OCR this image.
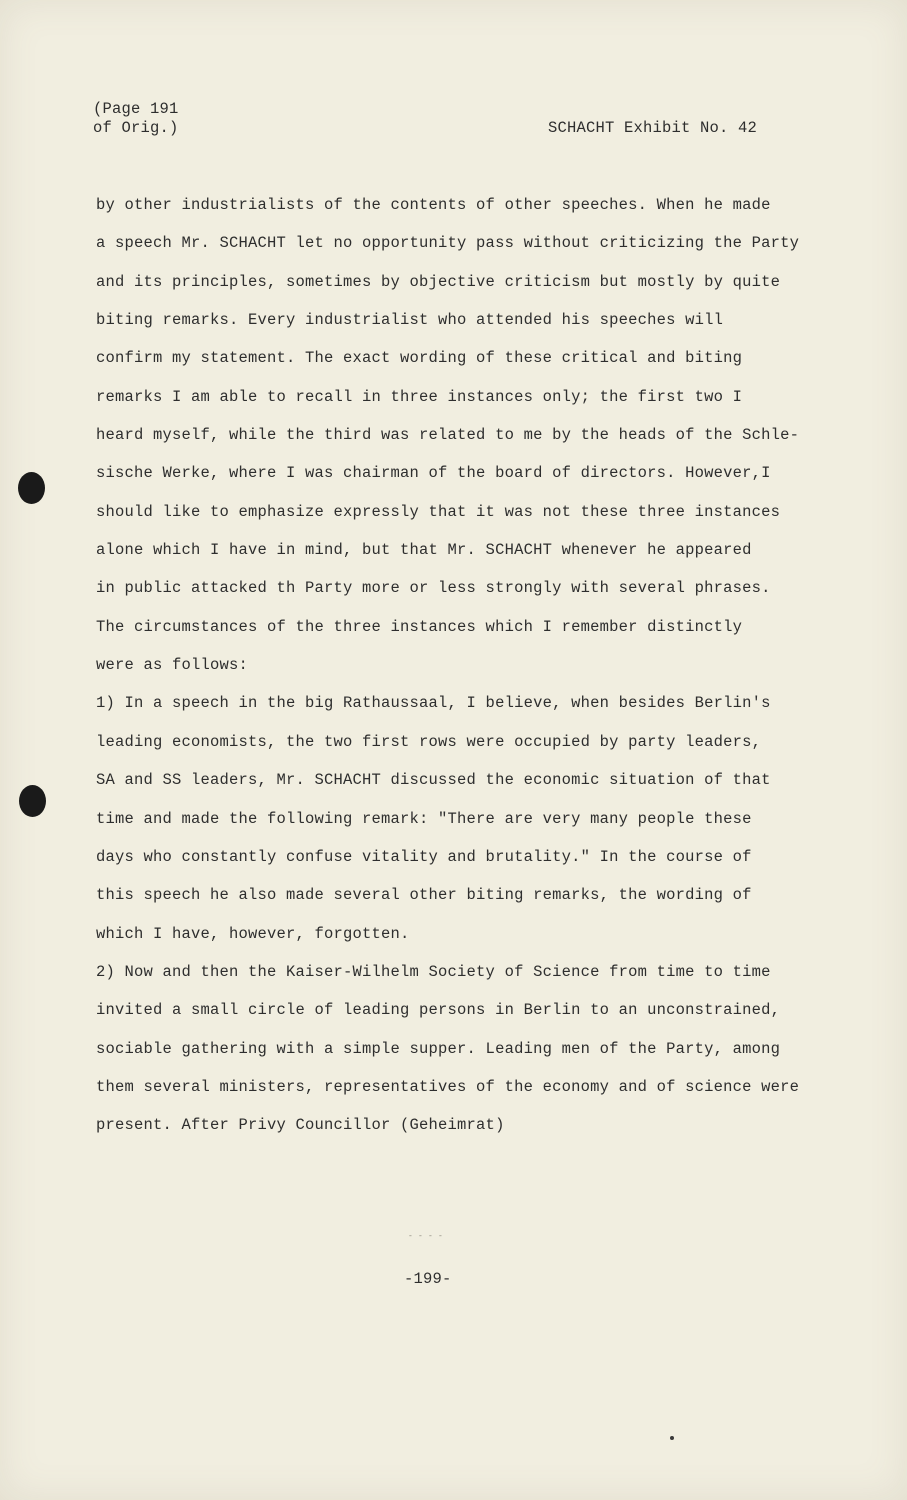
(Page 191
of Orig.)	SCHACHT Exhibit No. 42
by other industrialists of the contents of other speeches. When he made
a speech Mr. SCHACHT let no opportunity pass without criticizing the Party
and its principles, sometimes by objective criticism but mostly by quite
biting remarks. Every industrialist who attended his speeches will
confirm my statement. The exact wording of these critical and biting
remarks I am able to recall in three instances only; the first two I
heard myself, while the third was related to me by the heads of the Schle-
sische Werke, where I was chairman of the board of directors. However,I
should like to emphasize expressly that it was not these three instances
alone which I have in mind, but that Mr. SCHACHT whenever he appeared
in public attacked th Party more or less strongly with several phrases.
The circumstances of the three instances which I remember distinctly
were as follows:
1) In a speech in the big Rathaussaal, I believe, when besides Berlin's
leading economists, the two first rows were occupied by party leaders,
SA and SS leaders, Mr. SCHACHT discussed the economic situation of that
time and made the following remark: "There are very many people these
days who constantly confuse vitality and brutality." In the course of
this speech he also made several other biting remarks, the wording of
which I have, however, forgotten.
2) Now and then the Kaiser-Wilhelm Society of Science from time to time
invited a small circle of leading persons in Berlin to an unconstrained,
sociable gathering with a simple supper. Leading men of the Party, among
them several ministers, representatives of the economy and of science were
present. After Privy Councillor (Geheimrat)
- - - -
-199-
